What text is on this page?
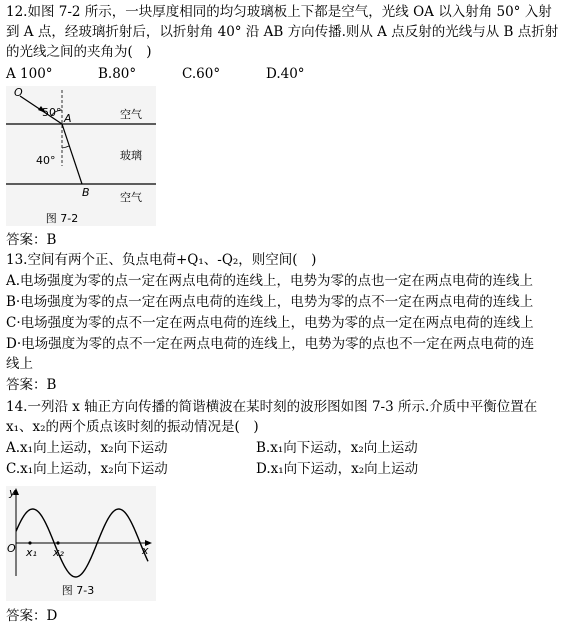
12.如图 7-2 所示，一块厚度相同的均匀玻璃板上下都是空气，光线 OA 以入射角 50° 入射
到 A 点，经玻璃折射后，以折射角 40° 沿 AB 方向传播.则从 A 点反射的光线与从 B 点折射
的光线之间的夹角为(　)
A 100°	B.80°	C.60°	D.40°
O
50° A
40°
B
空气
玻璃
空气
图 7-2
答案：B
13.空间有两个正、负点电荷+Q₁、-Q₂，则空间(　)
A.电场强度为零的点一定在两点电荷的连线上，电势为零的点也一定在两点电荷的连线上
B·电场强度为零的点一定在两点电荷的连线上，电势为零的点不一定在两点电荷的连线上
C·电场强度为零的点不一定在两点电荷的连线上，电势为零的点一定在两点电荷的连线上
D·电场强度为零的点不一定在两点电荷的连线上，电势为零的点也不一定在两点电荷的连
线上
答案：B
14.一列沿 x 轴正方向传播的简谐横波在某时刻的波形图如图 7-3 所示.介质中平衡位置在
x₁、x₂的两个质点该时刻的振动情况是(　)
A.x₁向上运动，x₂向下运动	B.x₁向下运动，x₂向上运动
C.x₁向上运动，x₂向下运动	D.x₁向下运动，x₂向上运动
y
O x₁ x₂	x
图 7-3
答案：D
